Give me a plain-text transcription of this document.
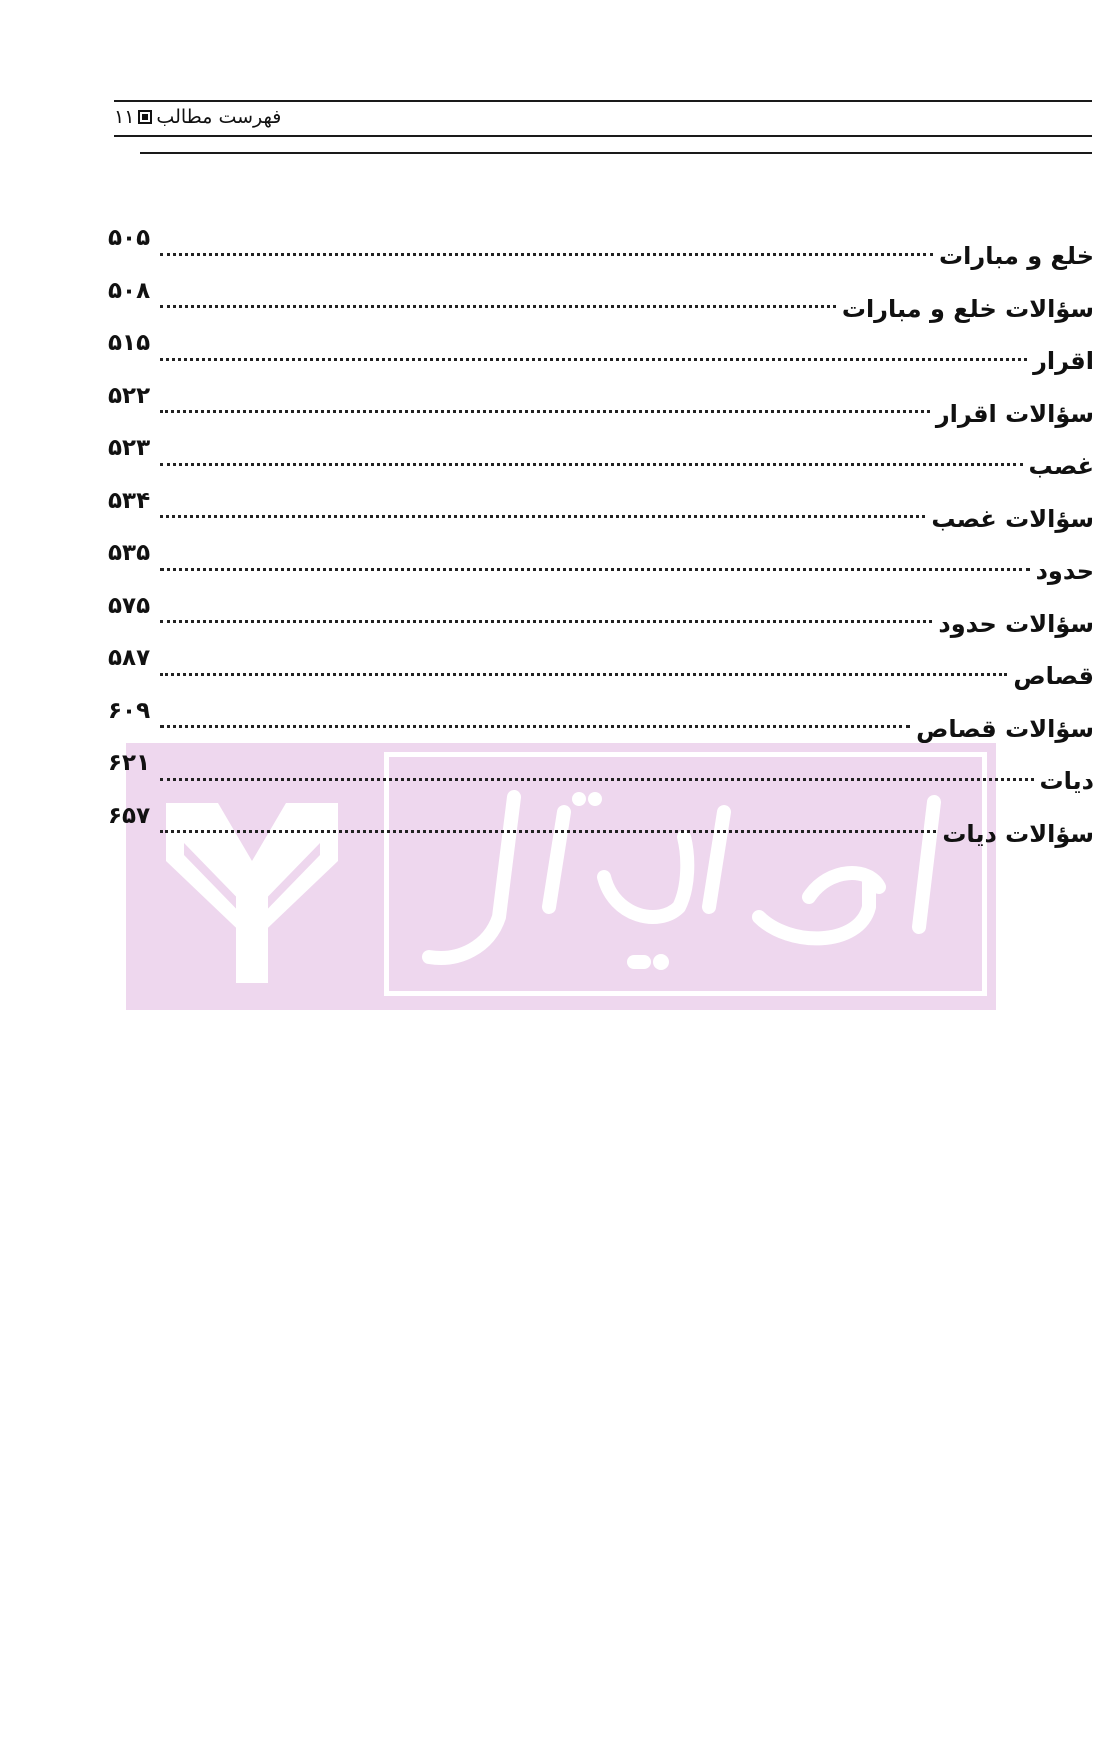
فهرست مطالب
۱۱
خلع و مبارات
۵۰۵
سؤالات خلع و مبارات
۵۰۸
اقرار
۵۱۵
سؤالات اقرار
۵۲۲
غصب
۵۲۳
سؤالات غصب
۵۳۴
حدود
۵۳۵
سؤالات حدود
۵۷۵
قصاص
۵۸۷
سؤالات قصاص
۶۰۹
دیات
۶۲۱
سؤالات دیات
۶۵۷
